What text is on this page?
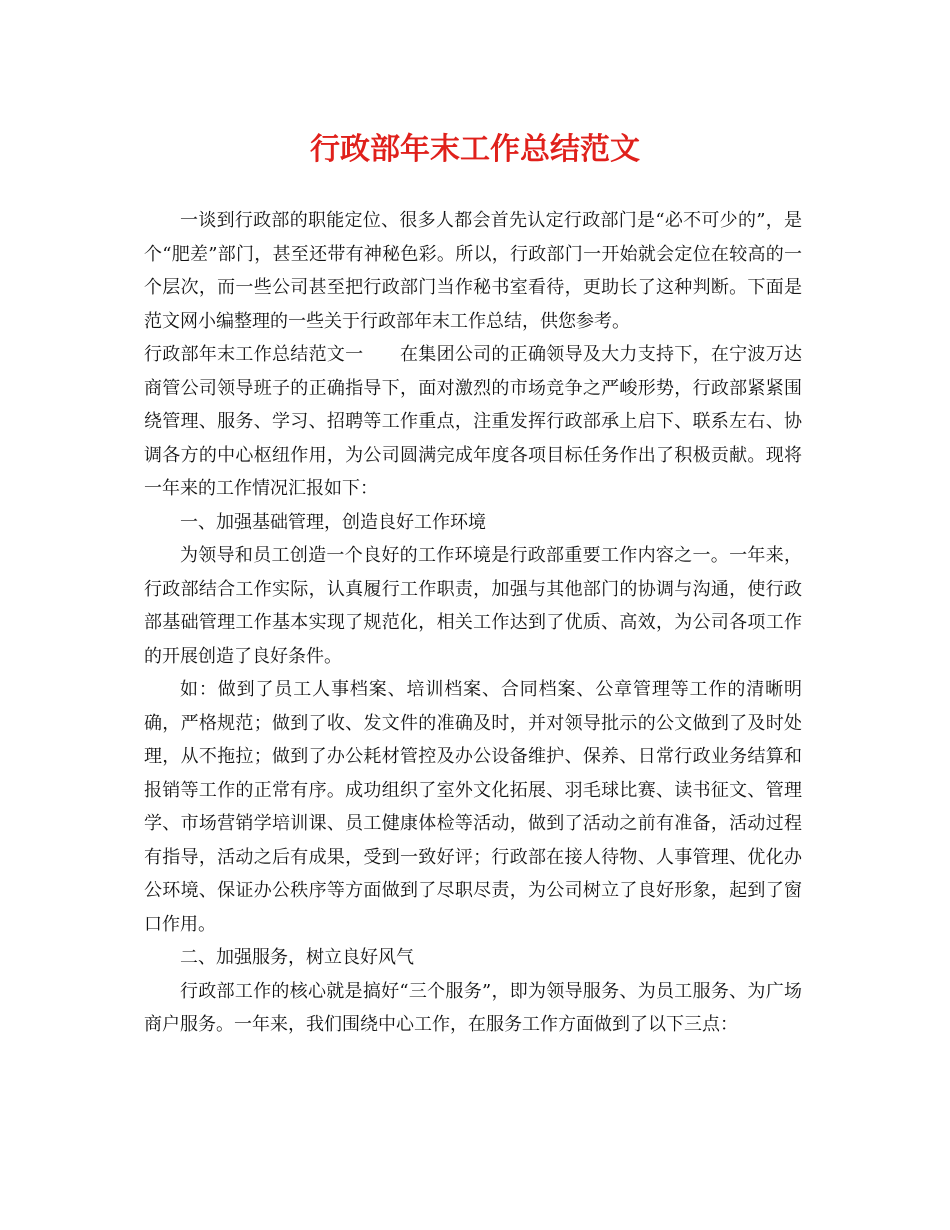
行政部年末工作总结范文

一谈到行政部的职能定位、很多人都会首先认定行政部门是“必不可少的”，是个“肥差”部门，甚至还带有神秘色彩。所以，行政部门一开始就会定位在较高的一个层次，而一些公司甚至把行政部门当作秘书室看待，更助长了这种判断。下面是范文网小编整理的一些关于行政部年末工作总结，供您参考。

行政部年末工作总结范文一　　在集团公司的正确领导及大力支持下，在宁波万达商管公司领导班子的正确指导下，面对激烈的市场竞争之严峻形势，行政部紧紧围绕管理、服务、学习、招聘等工作重点，注重发挥行政部承上启下、联系左右、协调各方的中心枢纽作用，为公司圆满完成年度各项目标任务作出了积极贡献。现将一年来的工作情况汇报如下：

一、加强基础管理，创造良好工作环境

为领导和员工创造一个良好的工作环境是行政部重要工作内容之一。一年来，行政部结合工作实际，认真履行工作职责，加强与其他部门的协调与沟通，使行政部基础管理工作基本实现了规范化，相关工作达到了优质、高效，为公司各项工作的开展创造了良好条件。

如：做到了员工人事档案、培训档案、合同档案、公章管理等工作的清晰明确，严格规范；做到了收、发文件的准确及时，并对领导批示的公文做到了及时处理，从不拖拉；做到了办公耗材管控及办公设备维护、保养、日常行政业务结算和报销等工作的正常有序。成功组织了室外文化拓展、羽毛球比赛、读书征文、管理学、市场营销学培训课、员工健康体检等活动，做到了活动之前有准备，活动过程有指导，活动之后有成果，受到一致好评；行政部在接人待物、人事管理、优化办公环境、保证办公秩序等方面做到了尽职尽责，为公司树立了良好形象，起到了窗口作用。

二、加强服务，树立良好风气

行政部工作的核心就是搞好“三个服务”，即为领导服务、为员工服务、为广场商户服务。一年来，我们围绕中心工作，在服务工作方面做到了以下三点：
